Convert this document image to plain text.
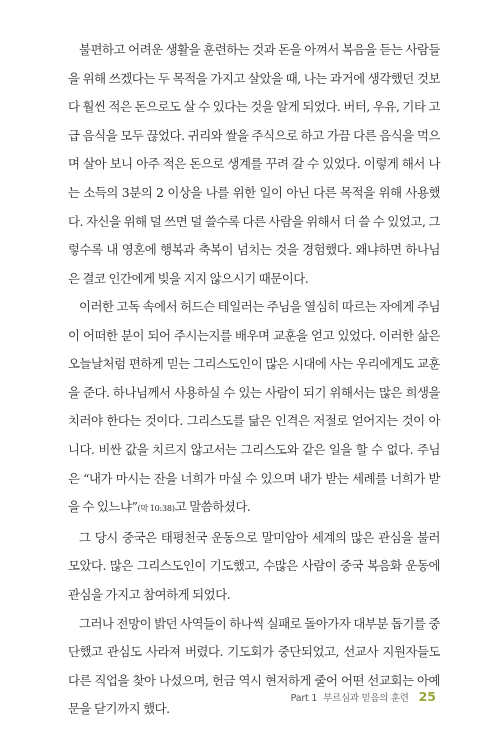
불편하고 어려운 생활을 훈련하는 것과 돈을 아껴서 복음을 듣는 사람들을 위해 쓰겠다는 두 목적을 가지고 살았을 때, 나는 과거에 생각했던 것보다 훨씬 적은 돈으로도 살 수 있다는 것을 알게 되었다. 버터, 우유, 기타 고급 음식을 모두 끊었다. 귀리와 쌀을 주식으로 하고 가끔 다른 음식을 먹으며 살아 보니 아주 적은 돈으로 생계를 꾸려 갈 수 있었다. 이렇게 해서 나는 소득의 3분의 2 이상을 나를 위한 일이 아닌 다른 목적을 위해 사용했다. 자신을 위해 덜 쓰면 덜 쓸수록 다른 사람을 위해서 더 쓸 수 있었고, 그렇수록 내 영혼에 행복과 축복이 넘치는 것을 경험했다. 왜냐하면 하나님은 결코 인간에게 빚을 지지 않으시기 때문이다.

이러한 고독 속에서 허드슨 테일러는 주님을 열심히 따르는 자에게 주님이 어떠한 분이 되어 주시는지를 배우며 교훈을 얻고 있었다. 이러한 삶은 오늘날처럼 편하게 믿는 그리스도인이 많은 시대에 사는 우리에게도 교훈을 준다. 하나님께서 사용하실 수 있는 사람이 되기 위해서는 많은 희생을 치러야 한다는 것이다. 그리스도를 닮은 인격은 저절로 얻어지는 것이 아니다. 비싼 값을 치르지 않고서는 그리스도와 같은 일을 할 수 없다. 주님은 “내가 마시는 잔을 너희가 마실 수 있으며 내가 받는 세례를 너희가 받을 수 있느냐”(막 10:38)고 말씀하셨다.

그 당시 중국은 태평천국 운동으로 말미암아 세계의 많은 관심을 불러 모았다. 많은 그리스도인이 기도했고, 수많은 사람이 중국 복음화 운동에 관심을 가지고 참여하게 되었다.

그러나 전망이 밝던 사역들이 하나씩 실패로 돌아가자 대부분 돕기를 중단했고 관심도 사라져 버렸다. 기도회가 중단되었고, 선교사 지원자들도 다른 직업을 찾아 나섰으며, 헌금 역시 현저하게 줄어 어떤 선교회는 아예 문을 닫기까지 했다.

Part 1 부르심과 믿음의 훈련 25
